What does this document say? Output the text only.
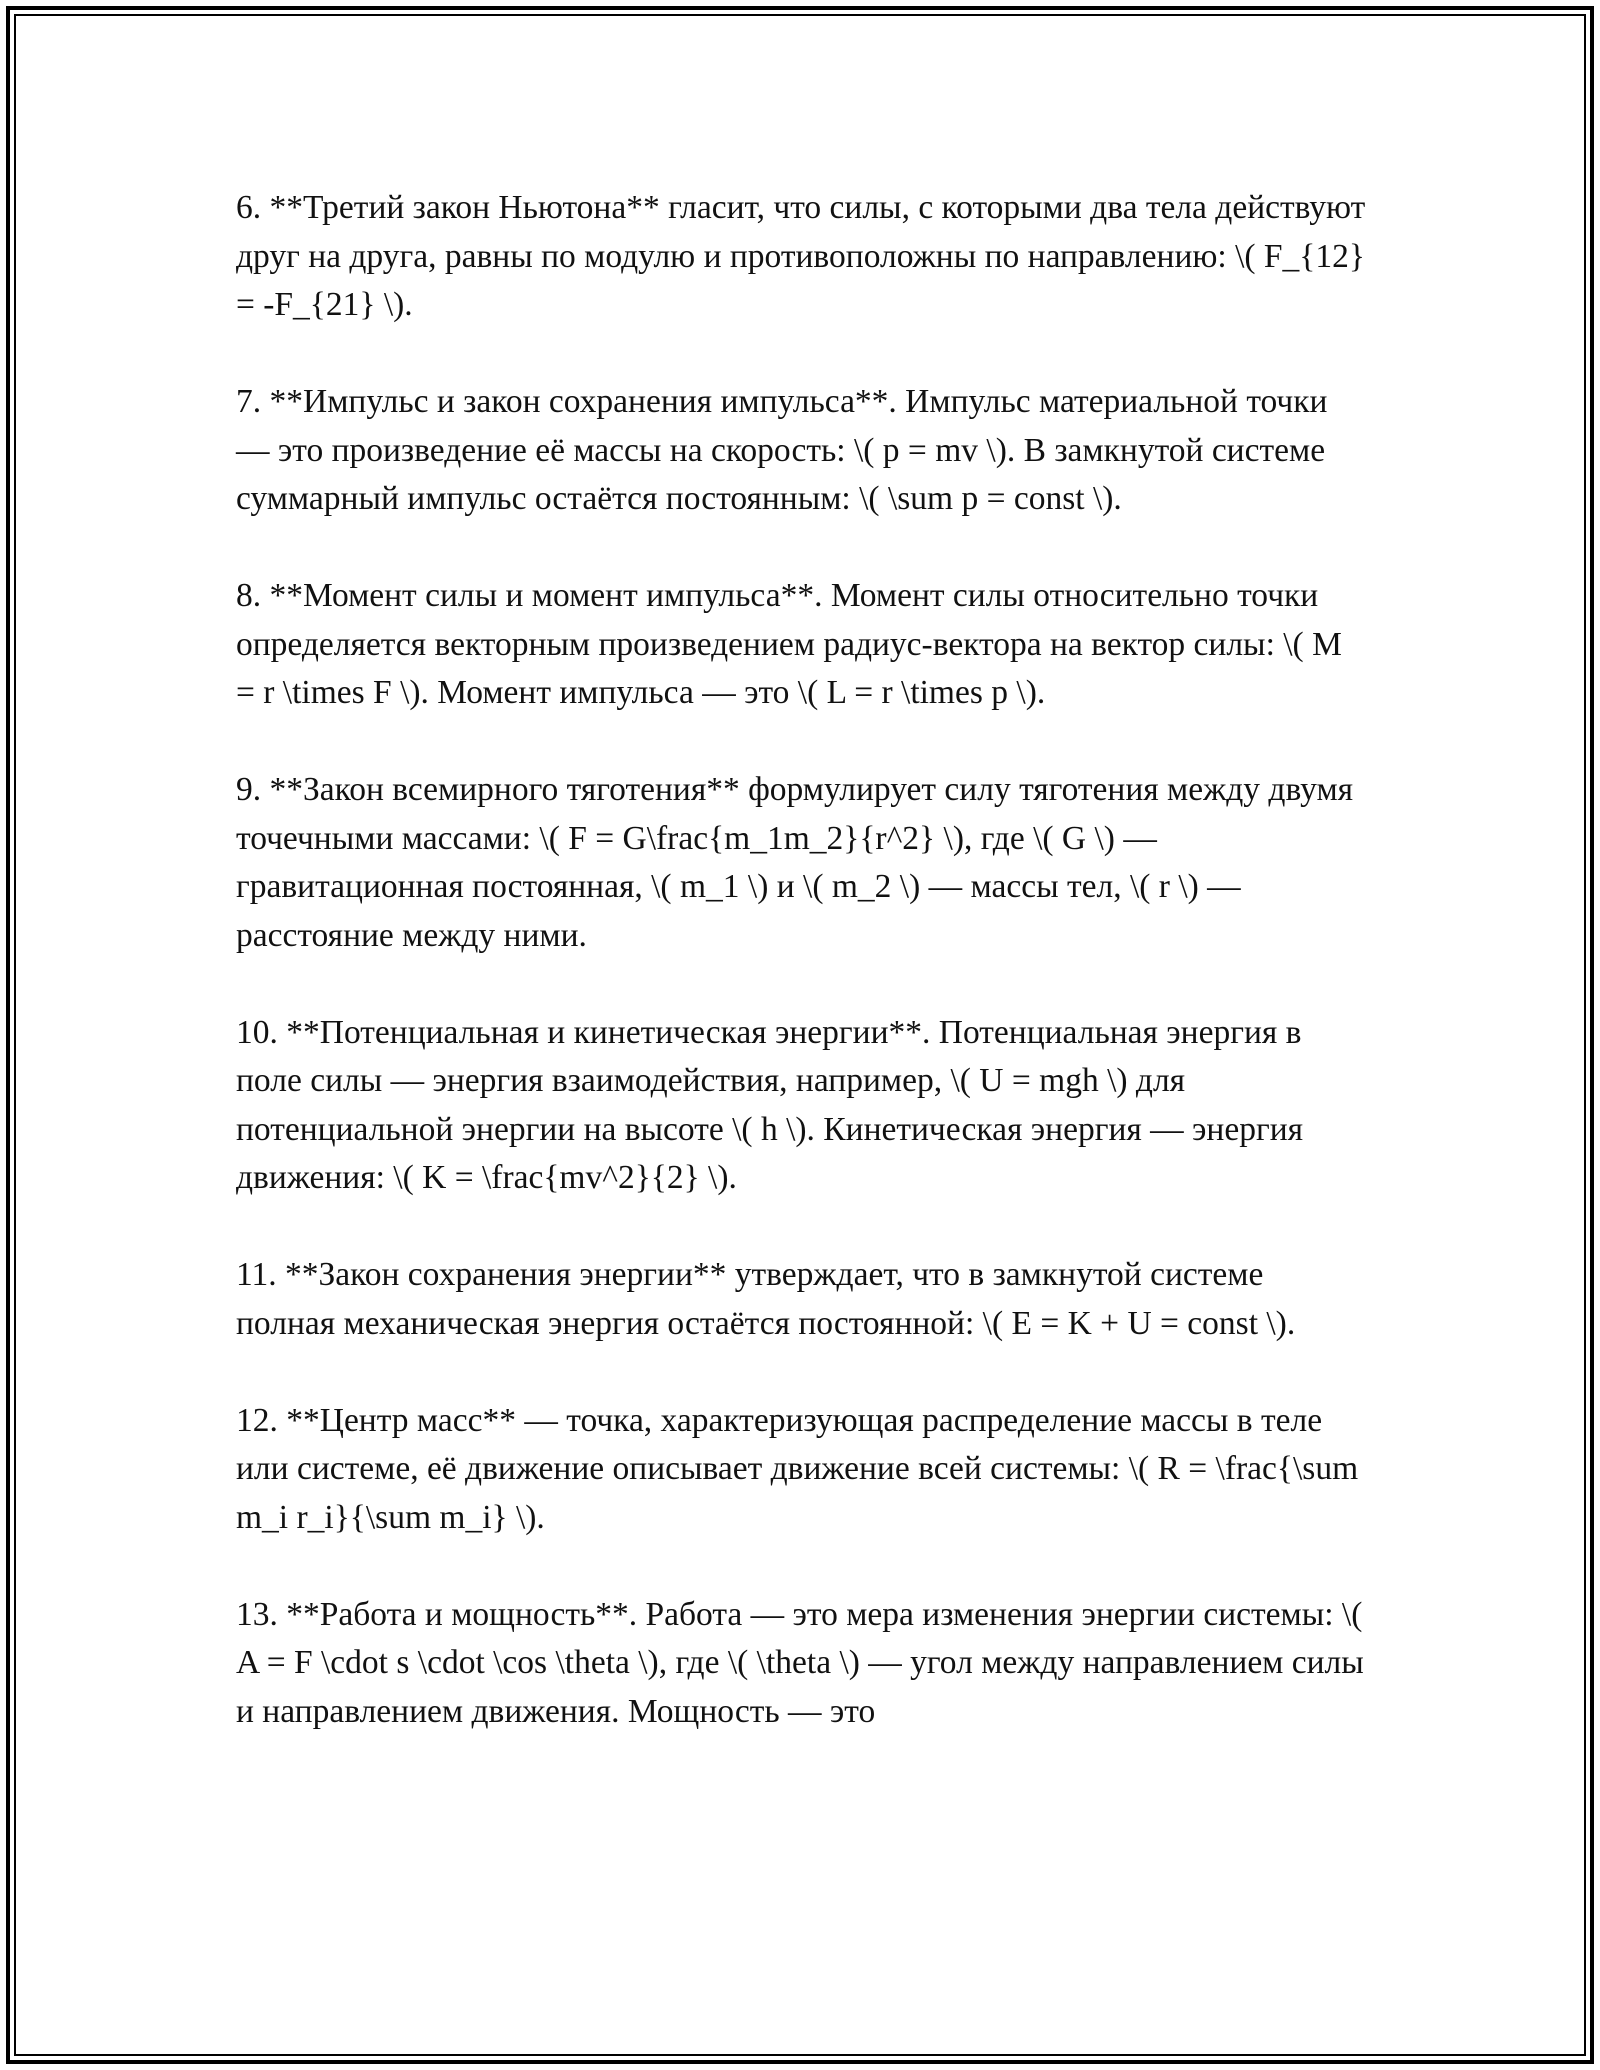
6. **Третий закон Ньютона** гласит, что силы, с которыми два тела действуют друг на друга, равны по модулю и противоположны по направлению: \( F_{12} = -F_{21} \).

7. **Импульс и закон сохранения импульса**. Импульс материальной точки — это произведение её массы на скорость: \( p = mv \). В замкнутой системе суммарный импульс остаётся постоянным: \( \sum p = const \).

8. **Момент силы и момент импульса**. Момент силы относительно точки определяется векторным произведением радиус-вектора на вектор силы: \( M = r \times F \). Момент импульса — это \( L = r \times p \).

9. **Закон всемирного тяготения** формулирует силу тяготения между двумя точечными массами: \( F = G\frac{m_1m_2}{r^2} \), где \( G \) — гравитационная постоянная, \( m_1 \) и \( m_2 \) — массы тел, \( r \) — расстояние между ними.

10. **Потенциальная и кинетическая энергии**. Потенциальная энергия в поле силы — энергия взаимодействия, например, \( U = mgh \) для потенциальной энергии на высоте \( h \). Кинетическая энергия — энергия движения: \( K = \frac{mv^2}{2} \).

11. **Закон сохранения энергии** утверждает, что в замкнутой системе полная механическая энергия остаётся постоянной: \( E = K + U = const \).

12. **Центр масс** — точка, характеризующая распределение массы в теле или системе, её движение описывает движение всей системы: \( R = \frac{\sum m_i r_i}{\sum m_i} \).

13. **Работа и мощность**. Работа — это мера изменения энергии системы: \( A = F \cdot s \cdot \cos \theta \), где \( \theta \) — угол между направлением силы и направлением движения. Мощность — это
